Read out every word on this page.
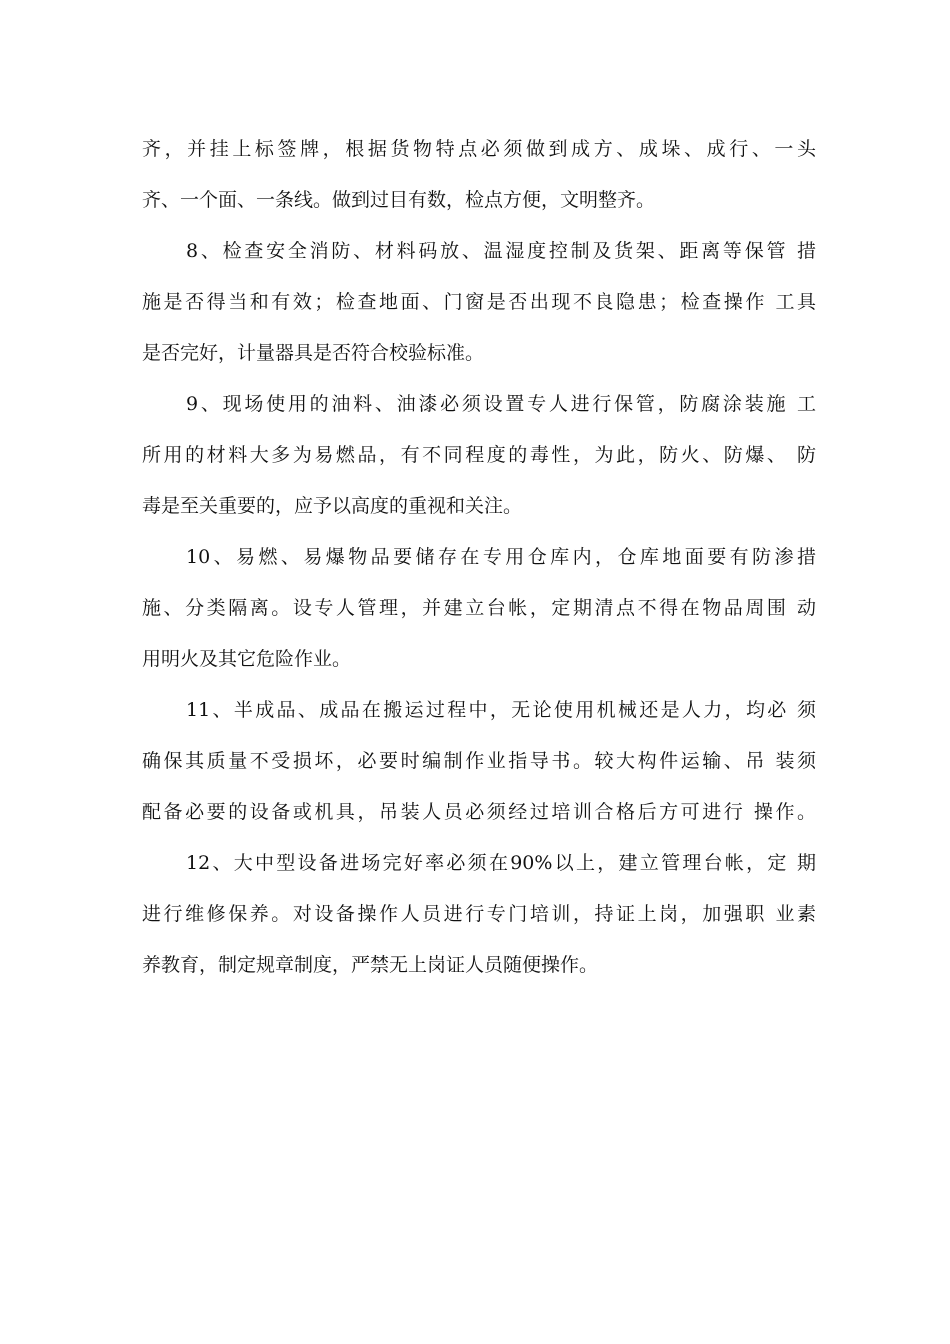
齐，并挂上标签牌，根据货物特点必须做到成方、成垛、成行、一头
齐、一个面、一条线。做到过目有数，检点方便，文明整齐。
8、检查安全消防、材料码放、温湿度控制及货架、距离等保管 措
施是否得当和有效；检查地面、门窗是否出现不良隐患；检查操作 工具
是否完好，计量器具是否符合校验标准。
9、现场使用的油料、油漆必须设置专人进行保管，防腐涂装施 工
所用的材料大多为易燃品，有不同程度的毒性，为此，防火、防爆、 防
毒是至关重要的，应予以高度的重视和关注。
10、易燃、易爆物品要储存在专用仓库内，仓库地面要有防渗措
施、分类隔离。设专人管理，并建立台帐，定期清点不得在物品周围 动
用明火及其它危险作业。
11、半成品、成品在搬运过程中，无论使用机械还是人力，均必 须
确保其质量不受损坏，必要时编制作业指导书。较大构件运输、吊 装须
配备必要的设备或机具，吊装人员必须经过培训合格后方可进行 操作。
12、大中型设备进场完好率必须在90%以上，建立管理台帐，定 期
进行维修保养。对设备操作人员进行专门培训，持证上岗，加强职 业素
养教育，制定规章制度，严禁无上岗证人员随便操作。
